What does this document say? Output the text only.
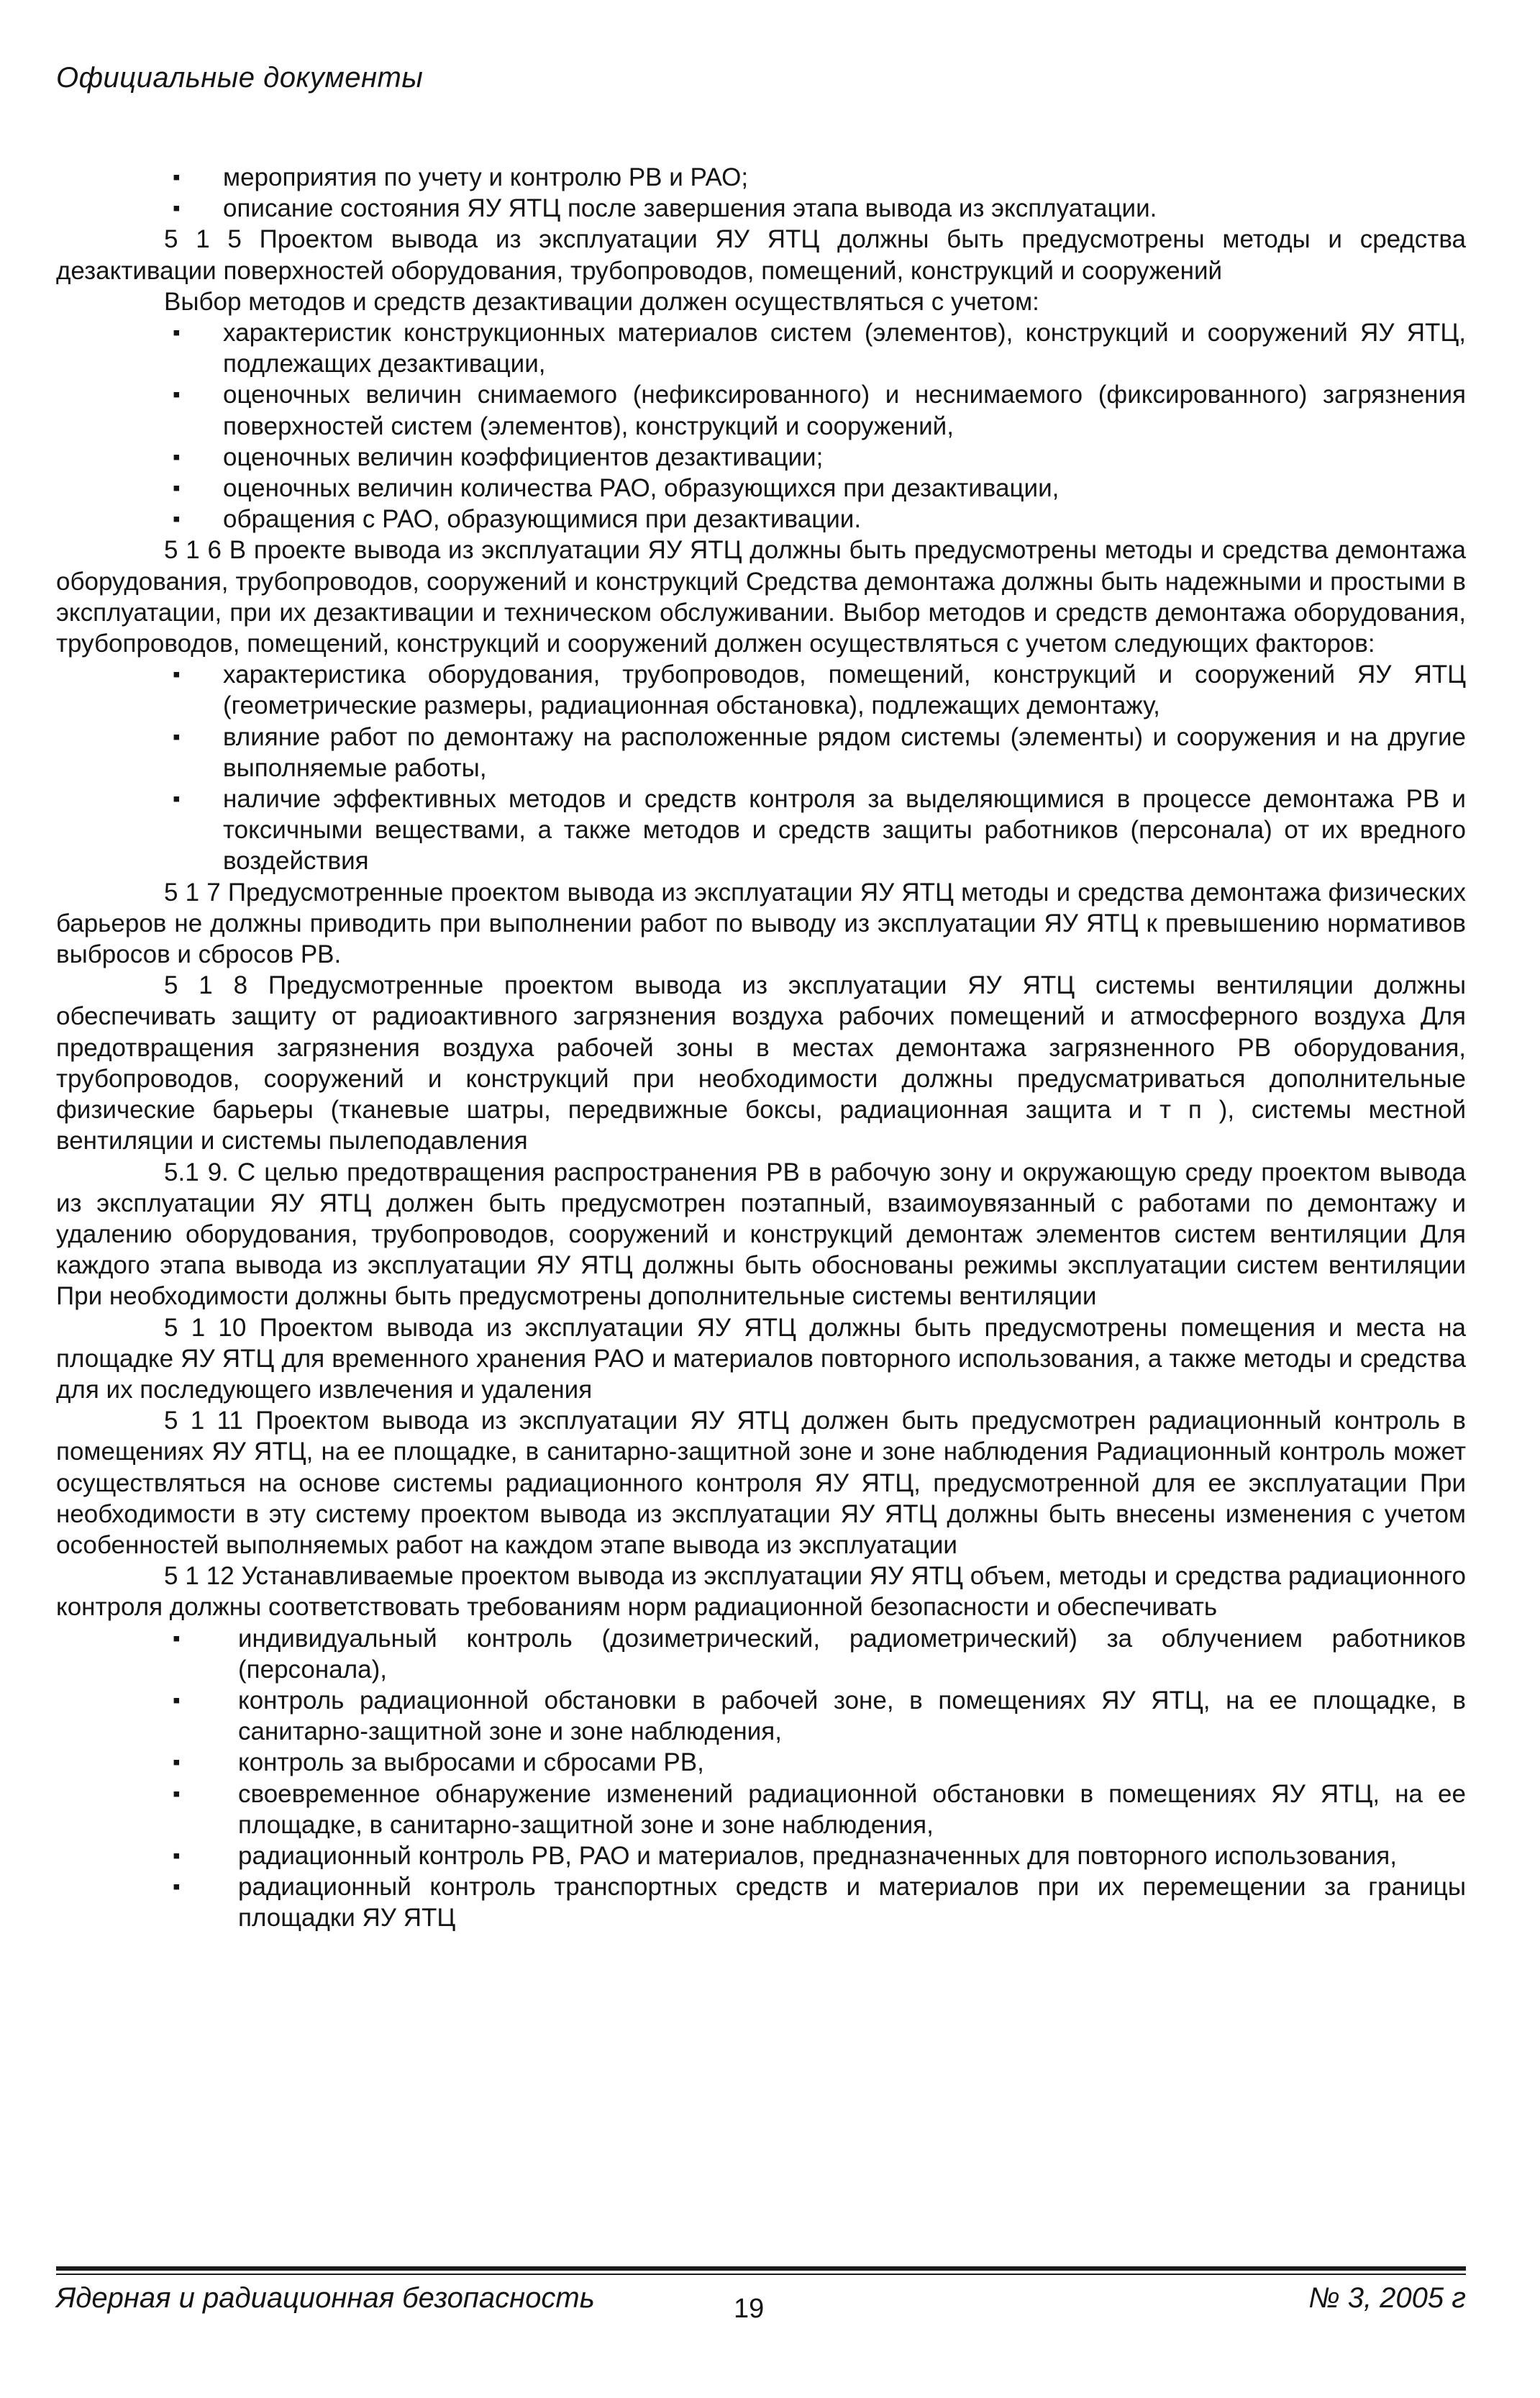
Официальные документы
▪ мероприятия по учету и контролю РВ и РАО;
▪ описание состояния ЯУ ЯТЦ после завершения этапа вывода из эксплуатации.

5 1 5 Проектом вывода из эксплуатации ЯУ ЯТЦ должны быть предусмотрены методы и средства дезактивации поверхностей оборудования, трубопроводов, помещений, конструкций и сооружений

Выбор методов и средств дезактивации должен осуществляться с учетом:

▪ характеристик конструкционных материалов систем (элементов), конструкций и сооружений ЯУ ЯТЦ, подлежащих дезактивации,
▪ оценочных величин снимаемого (нефиксированного) и неснимаемого (фиксированного) загрязнения поверхностей систем (элементов), конструкций и сооружений,
▪ оценочных величин коэффициентов дезактивации;
▪ оценочных величин количества РАО, образующихся при дезактивации,
▪ обращения с РАО, образующимися при дезактивации.

5 1 6 В проекте вывода из эксплуатации ЯУ ЯТЦ должны быть предусмотрены методы и средства демонтажа оборудования, трубопроводов, сооружений и конструкций Средства демонтажа должны быть надежными и простыми в эксплуатации, при их дезактивации и техническом обслуживании. Выбор методов и средств демонтажа оборудования, трубопроводов, помещений, конструкций и сооружений должен осуществляться с учетом следующих факторов:

▪ характеристика оборудования, трубопроводов, помещений, конструкций и сооружений ЯУ ЯТЦ (геометрические размеры, радиационная обстановка), подлежащих демонтажу,
▪ влияние работ по демонтажу на расположенные рядом системы (элементы) и сооружения и на другие выполняемые работы,
▪ наличие эффективных методов и средств контроля за выделяющимися в процессе демонтажа РВ и токсичными веществами, а также методов и средств защиты работников (персонала) от их вредного воздействия

5 1 7 Предусмотренные проектом вывода из эксплуатации ЯУ ЯТЦ методы и средства демонтажа физических барьеров не должны приводить при выполнении работ по выводу из эксплуатации ЯУ ЯТЦ к превышению нормативов выбросов и сбросов РВ.

5 1 8 Предусмотренные проектом вывода из эксплуатации ЯУ ЯТЦ системы вентиляции должны обеспечивать защиту от радиоактивного загрязнения воздуха рабочих помещений и атмосферного воздуха Для предотвращения загрязнения воздуха рабочей зоны в местах демонтажа загрязненного РВ оборудования, трубопроводов, сооружений и конструкций при необходимости должны предусматриваться дополнительные физические барьеры (тканевые шатры, передвижные боксы, радиационная защита и т п ), системы местной вентиляции и системы пылеподавления

5.1 9. С целью предотвращения распространения РВ в рабочую зону и окружающую среду проектом вывода из эксплуатации ЯУ ЯТЦ должен быть предусмотрен поэтапный, взаимоувязанный с работами по демонтажу и удалению оборудования, трубопроводов, сооружений и конструкций демонтаж элементов систем вентиляции Для каждого этапа вывода из эксплуатации ЯУ ЯТЦ должны быть обоснованы режимы эксплуатации систем вентиляции При необходимости должны быть предусмотрены дополнительные системы вентиляции

5 1 10 Проектом вывода из эксплуатации ЯУ ЯТЦ должны быть предусмотрены помещения и места на площадке ЯУ ЯТЦ для временного хранения РАО и материалов повторного использования, а также методы и средства для их последующего извлечения и удаления

5 1 11 Проектом вывода из эксплуатации ЯУ ЯТЦ должен быть предусмотрен радиационный контроль в помещениях ЯУ ЯТЦ, на ее площадке, в санитарно-защитной зоне и зоне наблюдения Радиационный контроль может осуществляться на основе системы радиационного контроля ЯУ ЯТЦ, предусмотренной для ее эксплуатации При необходимости в эту систему проектом вывода из эксплуатации ЯУ ЯТЦ должны быть внесены изменения с учетом особенностей выполняемых работ на каждом этапе вывода из эксплуатации

5 1 12 Устанавливаемые проектом вывода из эксплуатации ЯУ ЯТЦ объем, методы и средства радиационного контроля должны соответствовать требованиям норм радиационной безопасности и обеспечивать

▪ индивидуальный контроль (дозиметрический, радиометрический) за облучением работников (персонала),
▪ контроль радиационной обстановки в рабочей зоне, в помещениях ЯУ ЯТЦ, на ее площадке, в санитарно-защитной зоне и зоне наблюдения,
▪ контроль за выбросами и сбросами РВ,
▪ своевременное обнаружение изменений радиационной обстановки в помещениях ЯУ ЯТЦ, на ее площадке, в санитарно-защитной зоне и зоне наблюдения,
▪ радиационный контроль РВ, РАО и материалов, предназначенных для повторного использования,
▪ радиационный контроль транспортных средств и материалов при их перемещении за границы площадки ЯУ ЯТЦ
Ядерная и радиационная безопасность	19	№ 3, 2005 г
